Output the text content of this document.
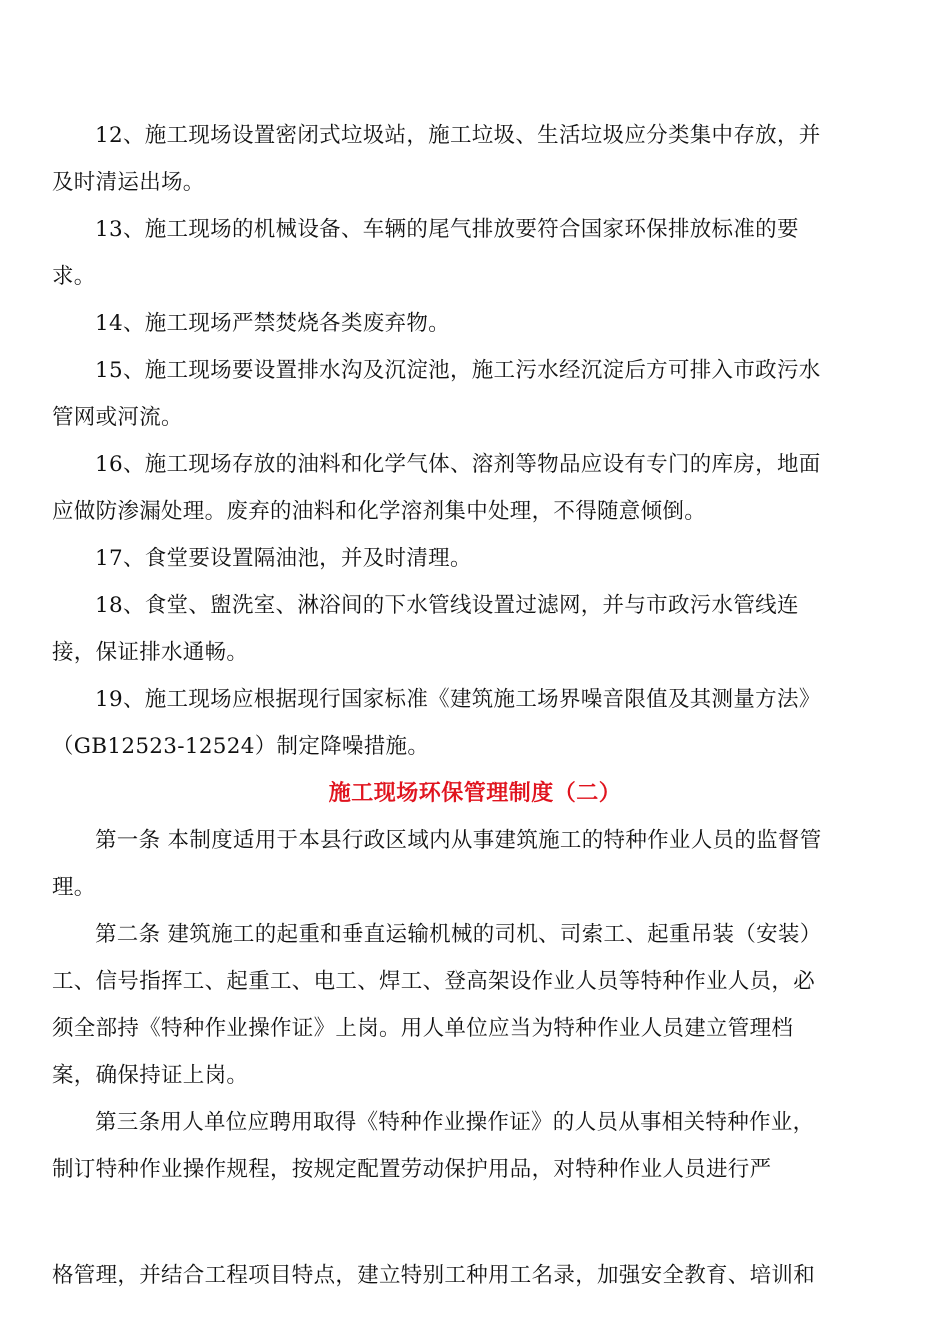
12、施工现场设置密闭式垃圾站，施工垃圾、生活垃圾应分类集中存放，并
及时清运出场。

13、施工现场的机械设备、车辆的尾气排放要符合国家环保排放标准的要
求。

14、施工现场严禁焚烧各类废弃物。

15、施工现场要设置排水沟及沉淀池，施工污水经沉淀后方可排入市政污水
管网或河流。

16、施工现场存放的油料和化学气体、溶剂等物品应设有专门的库房，地面
应做防渗漏处理。废弃的油料和化学溶剂集中处理，不得随意倾倒。

17、食堂要设置隔油池，并及时清理。

18、食堂、盥洗室、淋浴间的下水管线设置过滤网，并与市政污水管线连
接，保证排水通畅。

19、施工现场应根据现行国家标准《建筑施工场界噪音限值及其测量方法》
（GB12523-12524）制定降噪措施。

施工现场环保管理制度（二）

第一条 本制度适用于本县行政区域内从事建筑施工的特种作业人员的监督管
理。

第二条 建筑施工的起重和垂直运输机械的司机、司索工、起重吊装（安装）
工、信号指挥工、起重工、电工、焊工、登高架设作业人员等特种作业人员，必
须全部持《特种作业操作证》上岗。用人单位应当为特种作业人员建立管理档
案，确保持证上岗。

第三条用人单位应聘用取得《特种作业操作证》的人员从事相关特种作业，
制订特种作业操作规程，按规定配置劳动保护用品，对特种作业人员进行严

格管理，并结合工程项目特点，建立特别工种用工名录，加强安全教育、培训和
